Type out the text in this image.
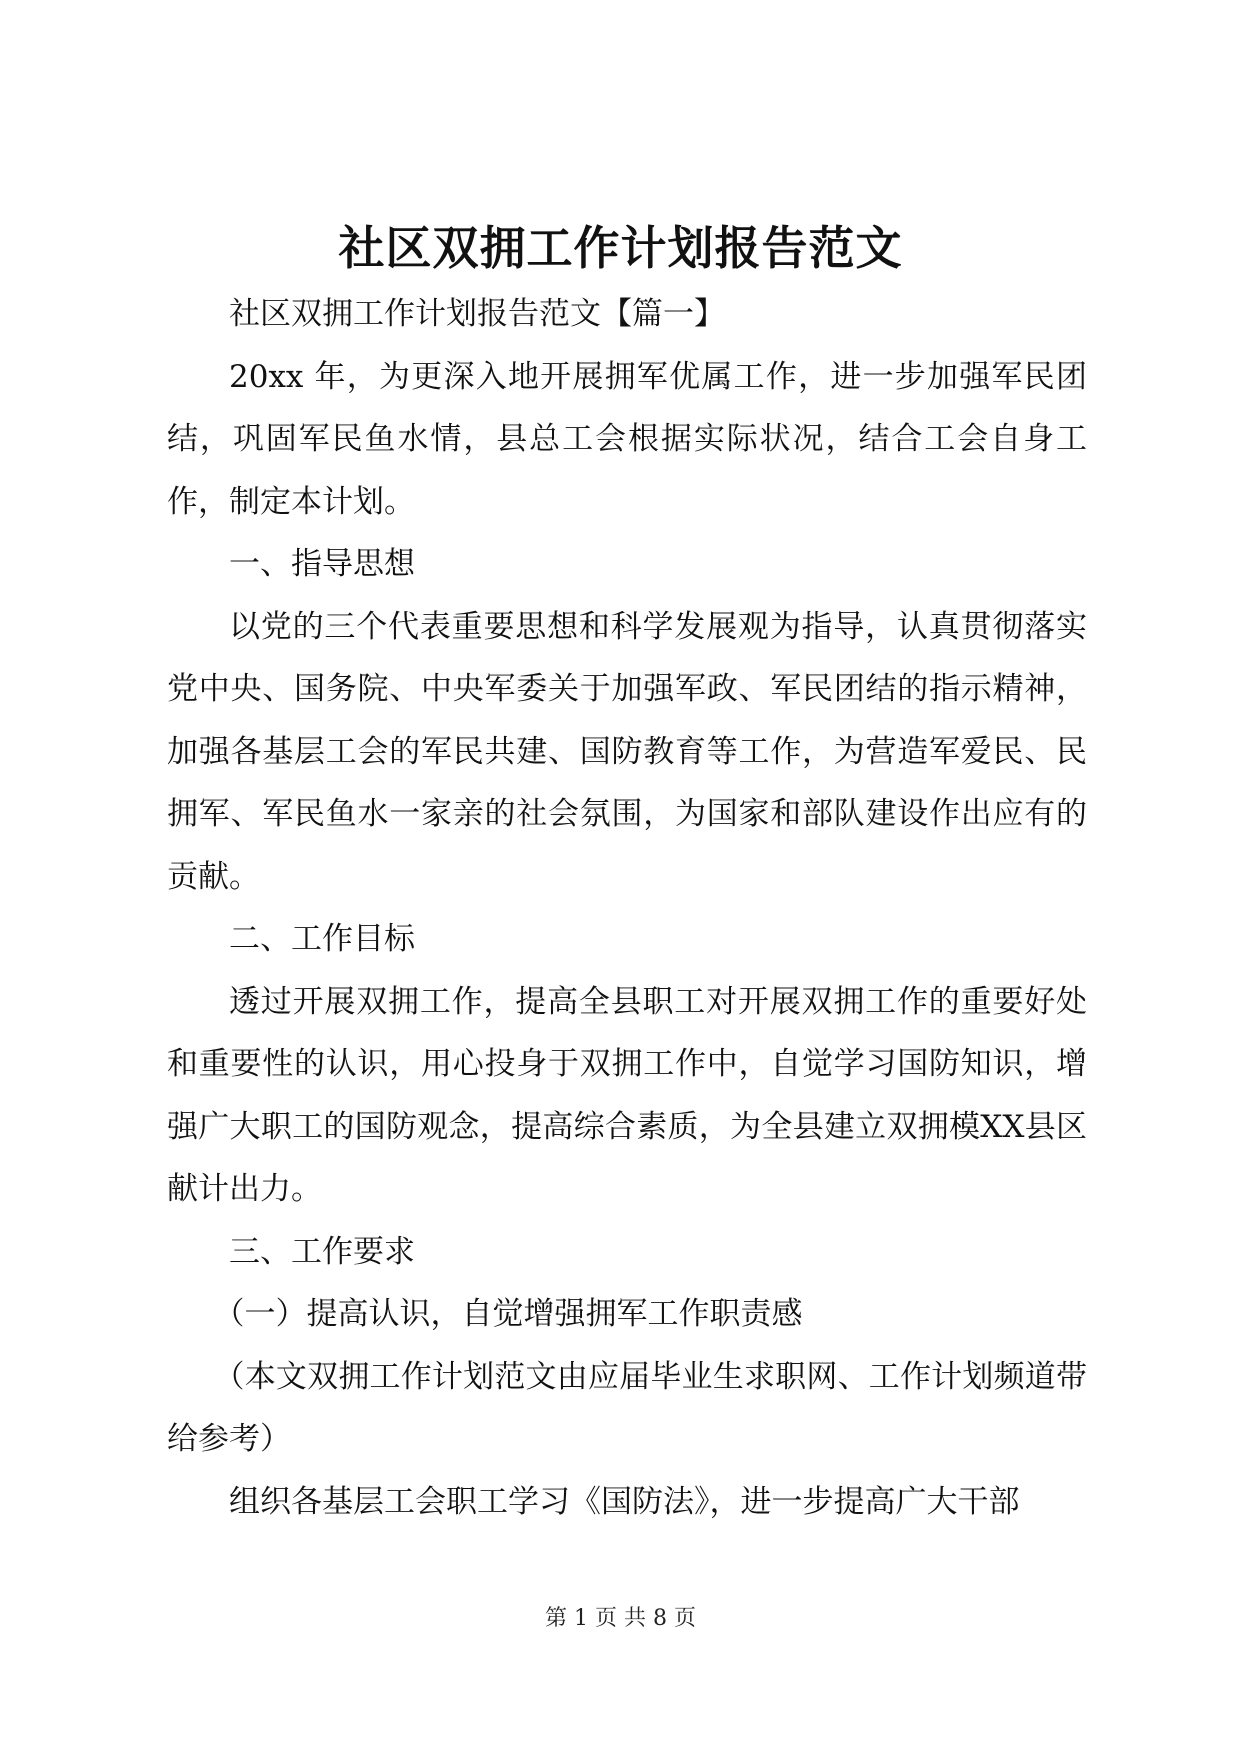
社区双拥工作计划报告范文

社区双拥工作计划报告范文【篇一】

20xx 年，为更深入地开展拥军优属工作，进一步加强军民团结，巩固军民鱼水情，县总工会根据实际状况，结合工会自身工作，制定本计划。

一、指导思想

以党的三个代表重要思想和科学发展观为指导，认真贯彻落实党中央、国务院、中央军委关于加强军政、军民团结的指示精神，加强各基层工会的军民共建、国防教育等工作，为营造军爱民、民拥军、军民鱼水一家亲的社会氛围，为国家和部队建设作出应有的贡献。

二、工作目标

透过开展双拥工作，提高全县职工对开展双拥工作的重要好处和重要性的认识，用心投身于双拥工作中，自觉学习国防知识，增强广大职工的国防观念，提高综合素质，为全县建立双拥模XX县区献计出力。

三、工作要求

（一）提高认识，自觉增强拥军工作职责感

（本文双拥工作计划范文由应届毕业生求职网、工作计划频道带给参考）

组织各基层工会职工学习《国防法》，进一步提高广大干部

第 1 页 共 8 页
